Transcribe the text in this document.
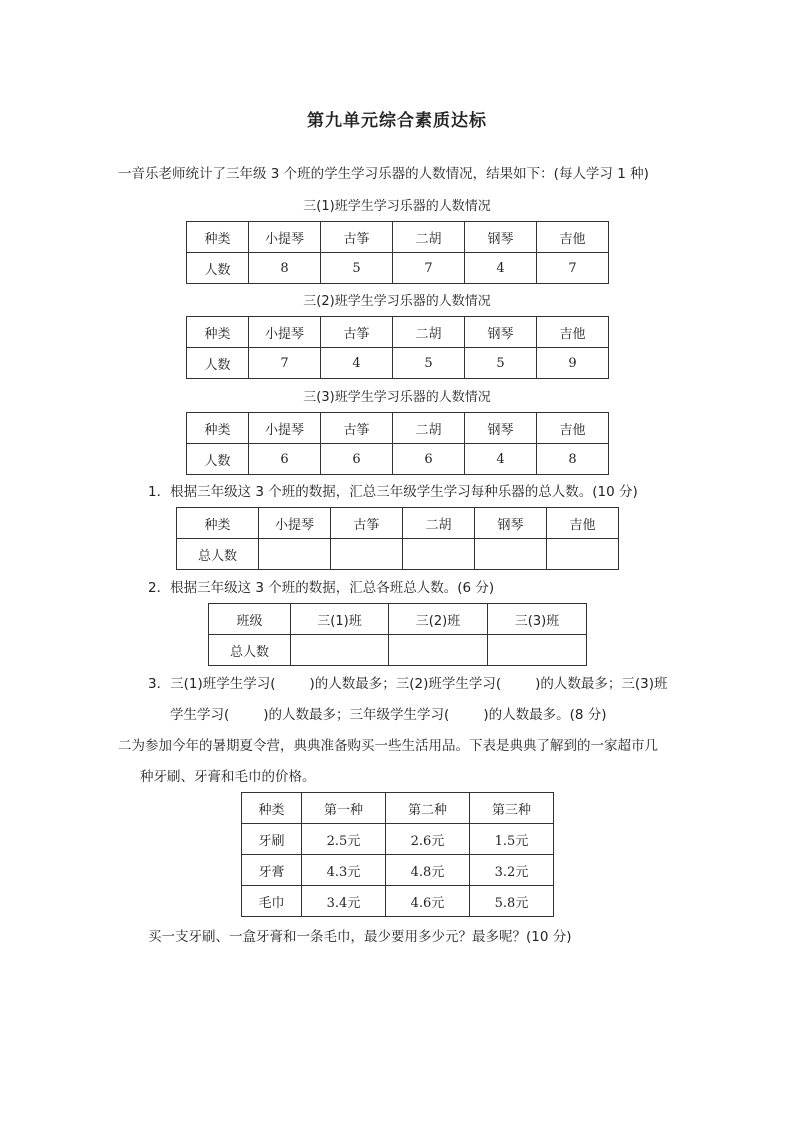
第九单元综合素质达标
一音乐老师统计了三年级 3 个班的学生学习乐器的人数情况，结果如下：(每人学习 1 种)
三(1)班学生学习乐器的人数情况
种类	小提琴	古筝	二胡	钢琴	吉他
人数	8	5	7	4	7
三(2)班学生学习乐器的人数情况
种类	小提琴	古筝	二胡	钢琴	吉他
人数	7	4	5	5	9
三(3)班学生学习乐器的人数情况
种类	小提琴	古筝	二胡	钢琴	吉他
人数	6	6	6	4	8
1．根据三年级这 3 个班的数据，汇总三年级学生学习每种乐器的总人数。(10 分)
种类	小提琴	古筝	二胡	钢琴	吉他
总人数					
2．根据三年级这 3 个班的数据，汇总各班总人数。(6 分)
班级	三(1)班	三(2)班	三(3)班
总人数			
3．三(1)班学生学习(	)的人数最多；三(2)班学生学习(	)的人数最多；三(3)班
学生学习(	)的人数最多；三年级学生学习(	)的人数最多。(8 分)
二为参加今年的暑期夏令营，典典准备购买一些生活用品。下表是典典了解到的一家超市几
种牙刷、牙膏和毛巾的价格。
种类	第一种	第二种	第三种
牙刷	2.5元	2.6元	1.5元
牙膏	4.3元	4.8元	3.2元
毛巾	3.4元	4.6元	5.8元
买一支牙刷、一盒牙膏和一条毛巾，最少要用多少元？最多呢？(10 分)
